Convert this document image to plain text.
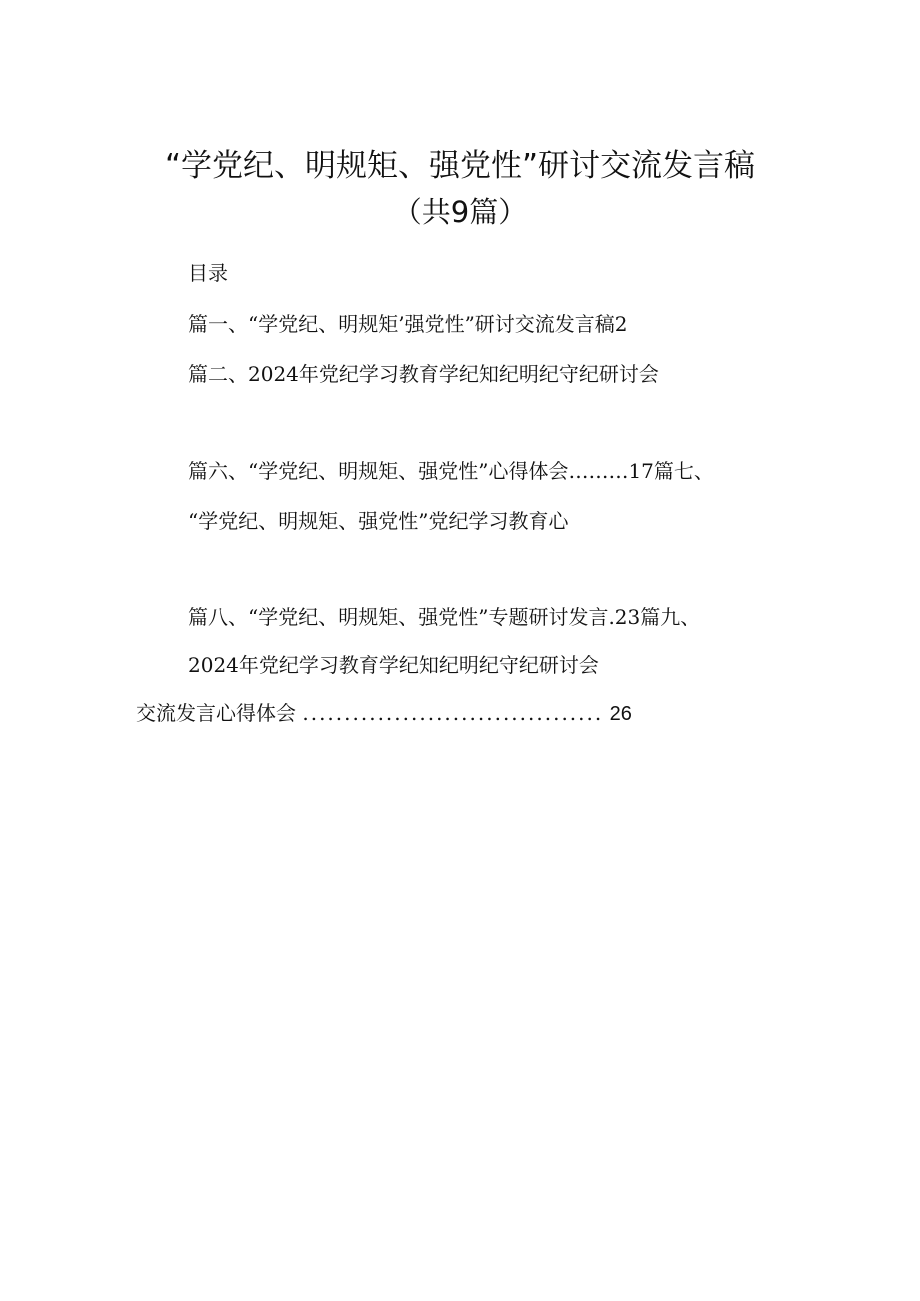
“学党纪、明规矩、强党性”研讨交流发言稿
（共9篇）
目录
篇一、“学党纪、明规矩’强党性”研讨交流发言稿2
篇二、2024年党纪学习教育学纪知纪明纪守纪研讨会
篇六、“学党纪、明规矩、强党性”心得体会………17篇七、
“学党纪、明规矩、强党性”党纪学习教育心
篇八、“学党纪、明规矩、强党性”专题研讨发言.23篇九、
2024年党纪学习教育学纪知纪明纪守纪研讨会
交流发言心得体会 .................................... 26
